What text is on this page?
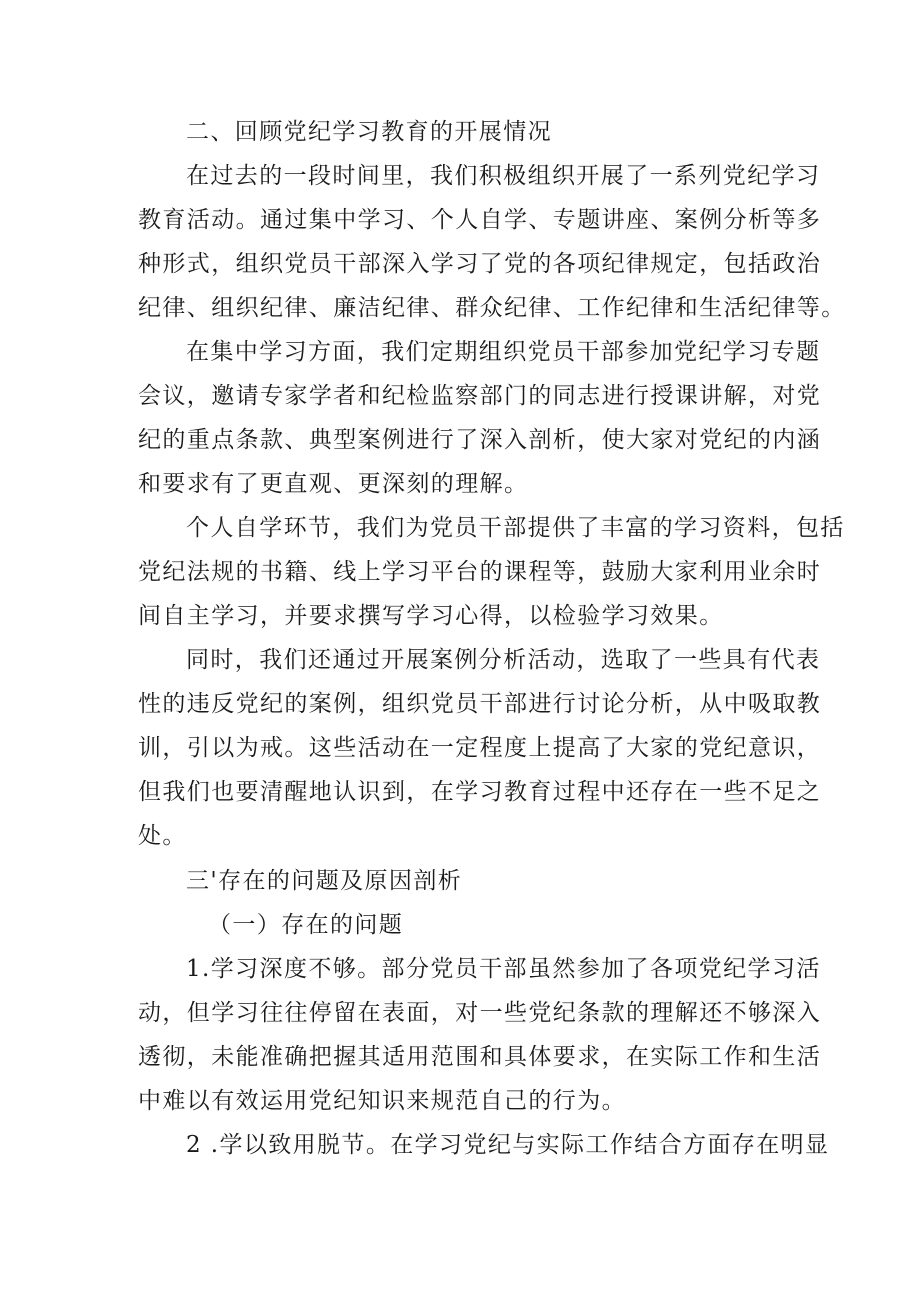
二、回顾党纪学习教育的开展情况
在过去的一段时间里，我们积极组织开展了一系列党纪学习
教育活动。通过集中学习、个人自学、专题讲座、案例分析等多
种形式，组织党员干部深入学习了党的各项纪律规定，包括政治
纪律、组织纪律、廉洁纪律、群众纪律、工作纪律和生活纪律等。
在集中学习方面，我们定期组织党员干部参加党纪学习专题
会议，邀请专家学者和纪检监察部门的同志进行授课讲解，对党
纪的重点条款、典型案例进行了深入剖析，使大家对党纪的内涵
和要求有了更直观、更深刻的理解。
个人自学环节，我们为党员干部提供了丰富的学习资料，包括
党纪法规的书籍、线上学习平台的课程等，鼓励大家利用业余时
间自主学习，并要求撰写学习心得，以检验学习效果。
同时，我们还通过开展案例分析活动，选取了一些具有代表
性的违反党纪的案例，组织党员干部进行讨论分析，从中吸取教
训，引以为戒。这些活动在一定程度上提高了大家的党纪意识，
但我们也要清醒地认识到，在学习教育过程中还存在一些不足之
处。
三'存在的问题及原因剖析
（一）存在的问题
1.学习深度不够。部分党员干部虽然参加了各项党纪学习活
动，但学习往往停留在表面，对一些党纪条款的理解还不够深入
透彻，未能准确把握其适用范围和具体要求，在实际工作和生活
中难以有效运用党纪知识来规范自己的行为。
2 .学以致用脱节。在学习党纪与实际工作结合方面存在明显
